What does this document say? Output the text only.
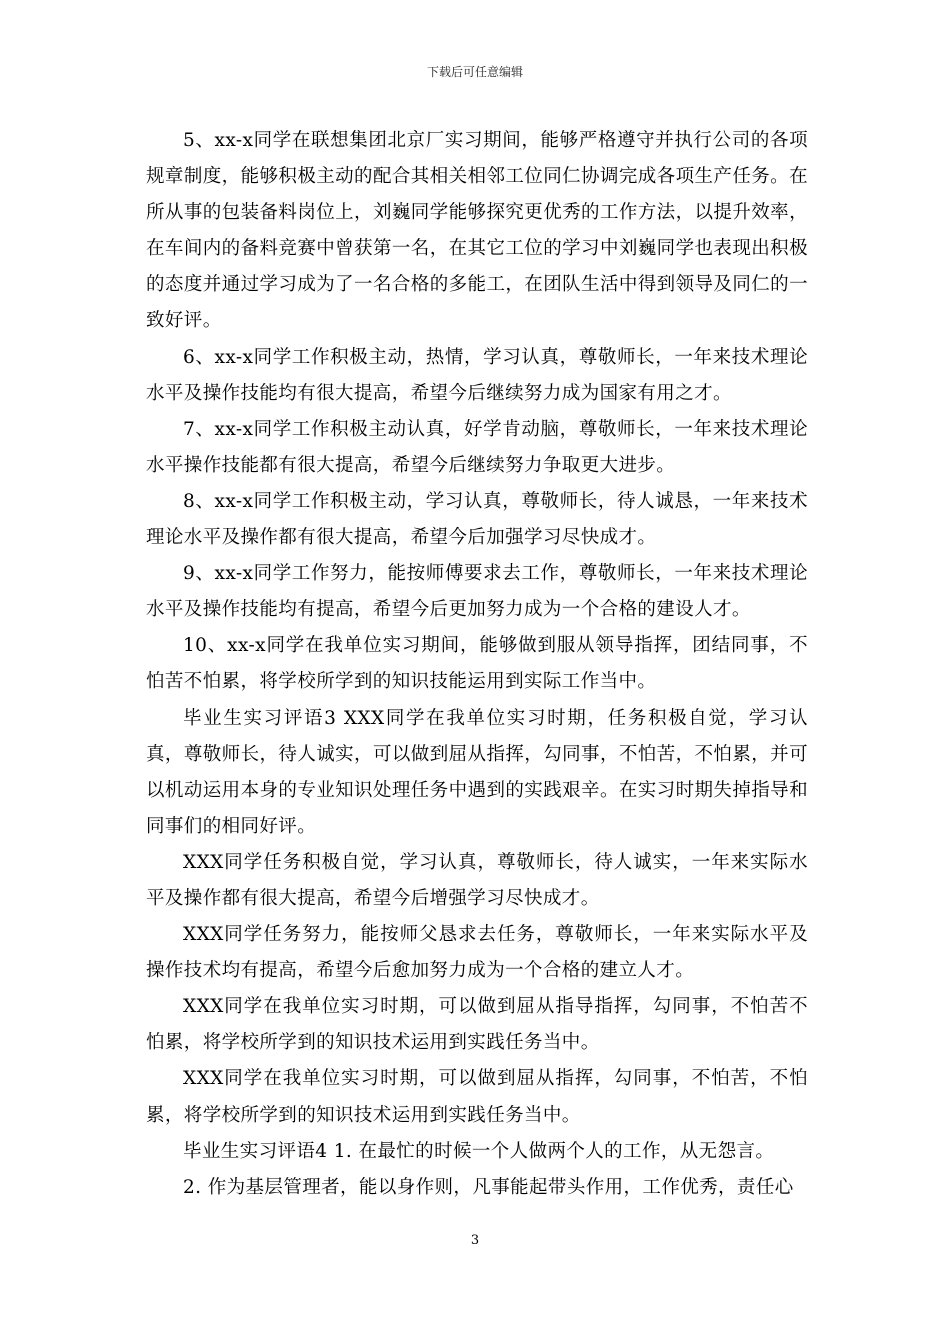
下载后可任意编辑

5、xx-x同学在联想集团北京厂实习期间，能够严格遵守并执行公司的各项规章制度，能够积极主动的配合其相关相邻工位同仁协调完成各项生产任务。在所从事的包装备料岗位上，刘巍同学能够探究更优秀的工作方法，以提升效率，在车间内的备料竞赛中曾获第一名，在其它工位的学习中刘巍同学也表现出积极的态度并通过学习成为了一名合格的多能工，在团队生活中得到领导及同仁的一致好评。

6、xx-x同学工作积极主动，热情，学习认真，尊敬师长，一年来技术理论水平及操作技能均有很大提高，希望今后继续努力成为国家有用之才。

7、xx-x同学工作积极主动认真，好学肯动脑，尊敬师长，一年来技术理论水平操作技能都有很大提高，希望今后继续努力争取更大进步。

8、xx-x同学工作积极主动，学习认真，尊敬师长，待人诚恳，一年来技术理论水平及操作都有很大提高，希望今后加强学习尽快成才。

9、xx-x同学工作努力，能按师傅要求去工作，尊敬师长，一年来技术理论水平及操作技能均有提高，希望今后更加努力成为一个合格的建设人才。

10、xx-x同学在我单位实习期间，能够做到服从领导指挥，团结同事，不怕苦不怕累，将学校所学到的知识技能运用到实际工作当中。

毕业生实习评语3 XXX同学在我单位实习时期，任务积极自觉，学习认真，尊敬师长，待人诚实，可以做到屈从指挥，勾同事，不怕苦，不怕累，并可以机动运用本身的专业知识处理任务中遇到的实践艰辛。在实习时期失掉指导和同事们的相同好评。

XXX同学任务积极自觉，学习认真，尊敬师长，待人诚实，一年来实际水平及操作都有很大提高，希望今后增强学习尽快成才。

XXX同学任务努力，能按师父恳求去任务，尊敬师长，一年来实际水平及操作技术均有提高，希望今后愈加努力成为一个合格的建立人才。

XXX同学在我单位实习时期，可以做到屈从指导指挥，勾同事，不怕苦不怕累，将学校所学到的知识技术运用到实践任务当中。

XXX同学在我单位实习时期，可以做到屈从指挥，勾同事，不怕苦，不怕累，将学校所学到的知识技术运用到实践任务当中。

毕业生实习评语4 1. 在最忙的时候一个人做两个人的工作，从无怨言。

2. 作为基层管理者，能以身作则，凡事能起带头作用，工作优秀，责任心

3
